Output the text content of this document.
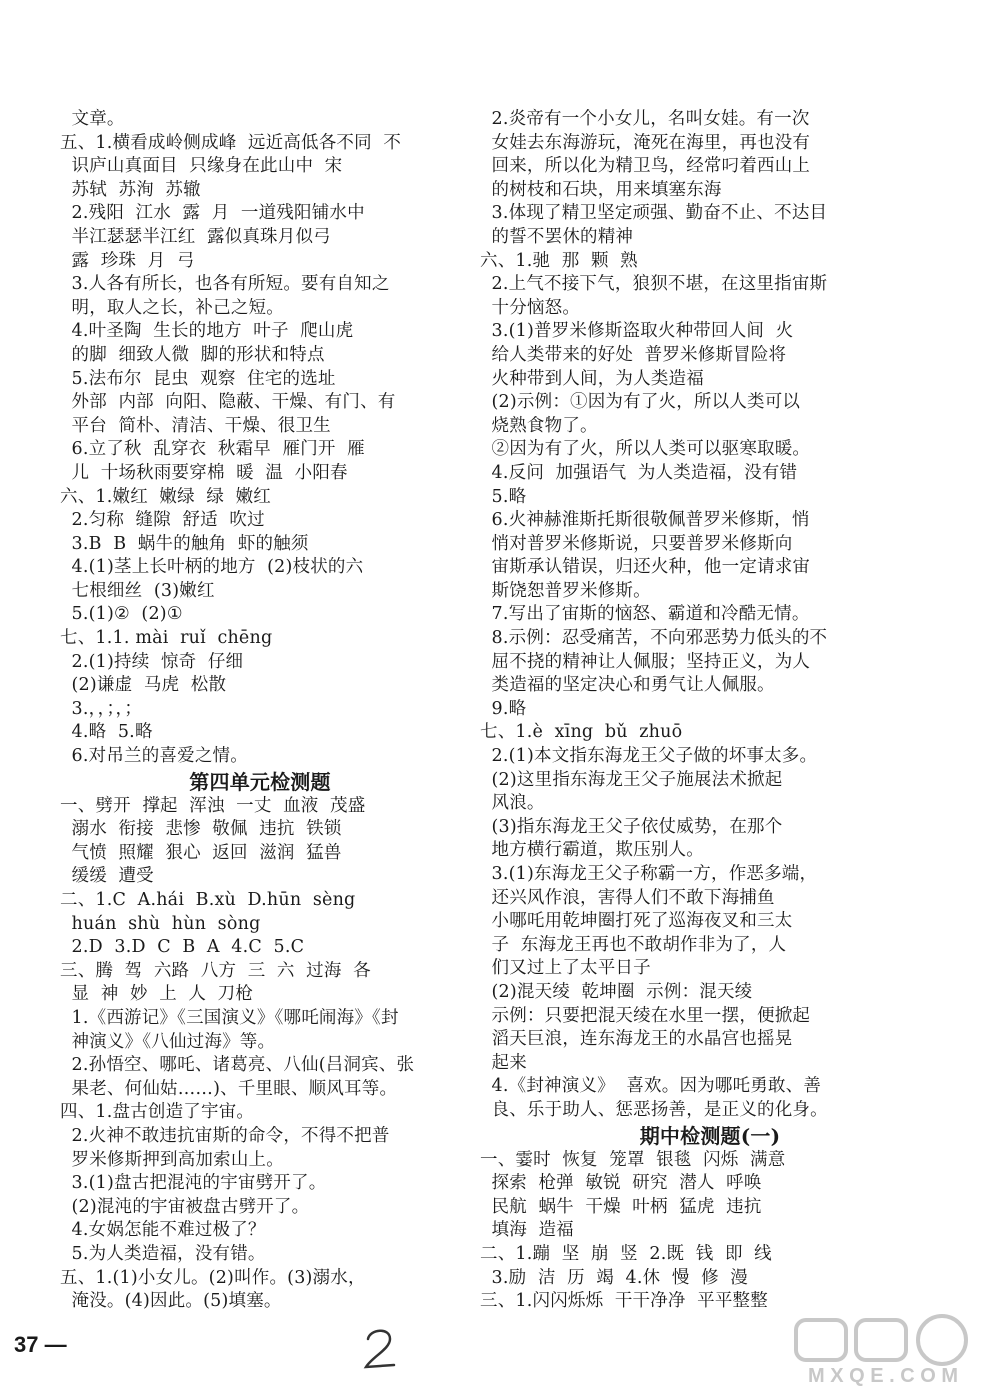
文章。
五、1.横看成岭侧成峰  远近高低各不同  不
识庐山真面目  只缘身在此山中  宋
苏轼  苏洵  苏辙
2.残阳  江水  露  月  一道残阳铺水中
半江瑟瑟半江红  露似真珠月似弓
露  珍珠  月  弓
3.人各有所长，也各有所短。要有自知之
明，取人之长，补己之短。
4.叶圣陶  生长的地方  叶子  爬山虎
的脚  细致人微  脚的形状和特点
5.法布尔  昆虫  观察  住宅的选址
外部  内部  向阳、隐蔽、干燥、有门、有
平台  简朴、清洁、干燥、很卫生
6.立了秋  乱穿衣  秋霜早  雁门开  雁
儿  十场秋雨要穿棉  暖  温  小阳春
六、1.嫩红  嫩绿  绿  嫩红
2.匀称  缝隙  舒适  吹过
3.B  B  蜗牛的触角  虾的触须
4.(1)茎上长叶柄的地方  (2)枝状的六
七根细丝  (3)嫩红
5.(1)②  (2)①
七、1.1. mài  ruǐ  chēng
2.(1)持续  惊奇  仔细
(2)谦虚  马虎  松散
3.，，；，；
4.略  5.略
6.对吊兰的喜爱之情。
第四单元检测题
一、劈开  撑起  浑浊  一丈  血液  茂盛
溺水  衔接  悲惨  敬佩  违抗  铁锁
气愤  照耀  狠心  返回  滋润  猛兽
缓缓  遭受
二、1.C  A.hái  B.xù  D.hūn  sèng
huán  shù  hùn  sòng
2.D  3.D  C  B  A  4.C  5.C
三、腾  驾  六路  八方  三  六  过海  各
显  神  妙  上  人  刀枪
1.《西游记》《三国演义》《哪吒闹海》《封
神演义》《八仙过海》等。
2.孙悟空、哪吒、诸葛亮、八仙(吕洞宾、张
果老、何仙姑……)、千里眼、顺风耳等。
四、1.盘古创造了宇宙。
2.火神不敢违抗宙斯的命令，不得不把普
罗米修斯押到高加索山上。
3.(1)盘古把混沌的宇宙劈开了。
(2)混沌的宇宙被盘古劈开了。
4.女娲怎能不难过极了？
5.为人类造福，没有错。
五、1.(1)小女儿。(2)叫作。(3)溺水，
淹没。(4)因此。(5)填塞。
2.炎帝有一个小女儿，名叫女娃。有一次
女娃去东海游玩，淹死在海里，再也没有
回来，所以化为精卫鸟，经常叼着西山上
的树枝和石块，用来填塞东海
3.体现了精卫坚定顽强、勤奋不止、不达目
的誓不罢休的精神
六、1.驰  那  颗  熟
2.上气不接下气，狼狈不堪，在这里指宙斯
十分恼怒。
3.(1)普罗米修斯盗取火种带回人间  火
给人类带来的好处  普罗米修斯冒险将
火种带到人间，为人类造福
(2)示例：①因为有了火，所以人类可以
烧熟食物了。
②因为有了火，所以人类可以驱寒取暖。
4.反问  加强语气  为人类造福，没有错
5.略
6.火神赫淮斯托斯很敬佩普罗米修斯，悄
悄对普罗米修斯说，只要普罗米修斯向
宙斯承认错误，归还火种，他一定请求宙
斯饶恕普罗米修斯。
7.写出了宙斯的恼怒、霸道和冷酷无情。
8.示例：忍受痛苦，不向邪恶势力低头的不
屈不挠的精神让人佩服；坚持正义，为人
类造福的坚定决心和勇气让人佩服。
9.略
七、1.è  xīng  bǔ  zhuō
2.(1)本文指东海龙王父子做的坏事太多。
(2)这里指东海龙王父子施展法术掀起
风浪。
(3)指东海龙王父子依仗威势，在那个
地方横行霸道，欺压别人。
3.(1)东海龙王父子称霸一方，作恶多端，
还兴风作浪，害得人们不敢下海捕鱼
小哪吒用乾坤圈打死了巡海夜叉和三太
子  东海龙王再也不敢胡作非为了，人
们又过上了太平日子
(2)混天绫  乾坤圈  示例：混天绫
示例：只要把混天绫在水里一摆，便掀起
滔天巨浪，连东海龙王的水晶宫也摇晃
起来
4.《封神演义》  喜欢。因为哪吒勇敢、善
良、乐于助人、惩恶扬善，是正义的化身。
期中检测题(一)
一、霎时  恢复  笼罩  银毯  闪烁  满意
探索  枪弹  敏锐  研究  潜人  呼唤
民航  蜗牛  干燥  叶柄  猛虎  违抗
填海  造福
二、1.蹦  坚  崩  竖  2.既  钱  即  线
3.励  洁  历  竭  4.休  慢  修  漫
三、1.闪闪烁烁  干干净净  平平整整
37 —
M X Q E . C O M
